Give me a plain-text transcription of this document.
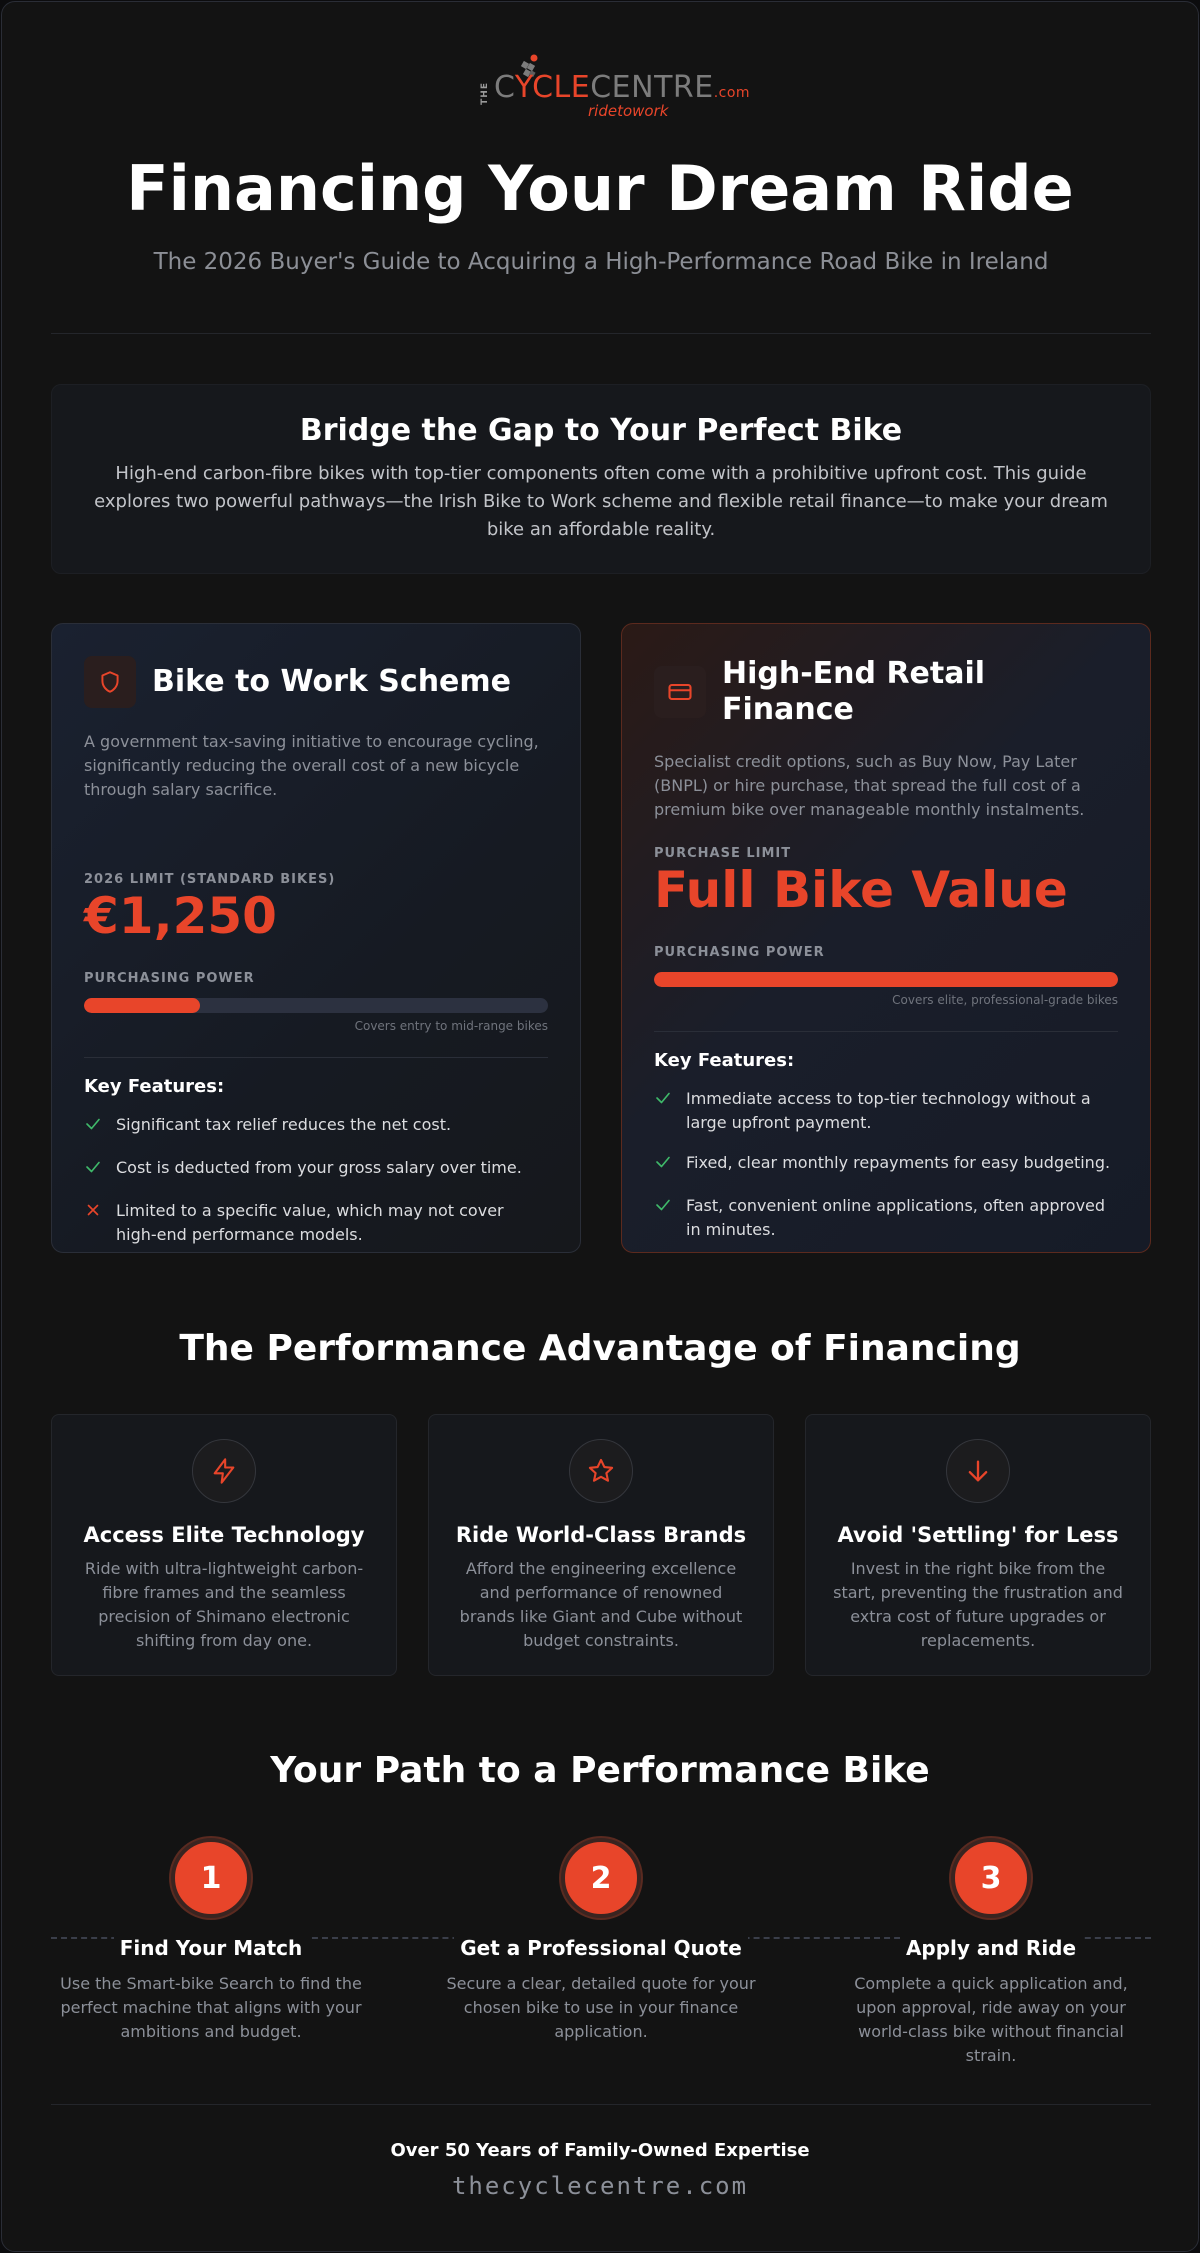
THE CYCLECENTRE.com
ridetowork
Financing Your Dream Ride

The 2026 Buyer's Guide to Acquiring a High-Performance Road Bike in Ireland

Bridge the Gap to Your Perfect Bike

High-end carbon-fibre bikes with top-tier components often come with a prohibitive upfront cost. This guide explores two powerful pathways—the Irish Bike to Work scheme and flexible retail finance—to make your dream bike an affordable reality.

Bike to Work Scheme

A government tax-saving initiative to encourage cycling, significantly reducing the overall cost of a new bicycle through salary sacrifice.

2026 LIMIT (STANDARD BIKES)
€1,250
PURCHASING POWER
Covers entry to mid-range bikes
Key Features:
Significant tax relief reduces the net cost.
Cost is deducted from your gross salary over time.
Limited to a specific value, which may not cover high-end performance models.
High-End Retail Finance

Specialist credit options, such as Buy Now, Pay Later (BNPL) or hire purchase, that spread the full cost of a premium bike over manageable monthly instalments.

PURCHASE LIMIT
Full Bike Value
PURCHASING POWER
Covers elite, professional-grade bikes
Key Features:
Immediate access to top-tier technology without a large upfront payment.
Fixed, clear monthly repayments for easy budgeting.
Fast, convenient online applications, often approved in minutes.
The Performance Advantage of Financing
Access Elite Technology

Ride with ultra-lightweight carbon-fibre frames and the seamless precision of Shimano electronic shifting from day one.

Ride World-Class Brands

Afford the engineering excellence and performance of renowned brands like Giant and Cube without budget constraints.

Avoid 'Settling' for Less

Invest in the right bike from the start, preventing the frustration and extra cost of future upgrades or replacements.

Your Path to a Performance Bike
1
Find Your Match

Use the Smart-bike Search to find the perfect machine that aligns with your ambitions and budget.

2
Get a Professional Quote

Secure a clear, detailed quote for your chosen bike to use in your finance application.

3
Apply and Ride

Complete a quick application and, upon approval, ride away on your world-class bike without financial strain.

Over 50 Years of Family-Owned Expertise
thecyclecentre.com
